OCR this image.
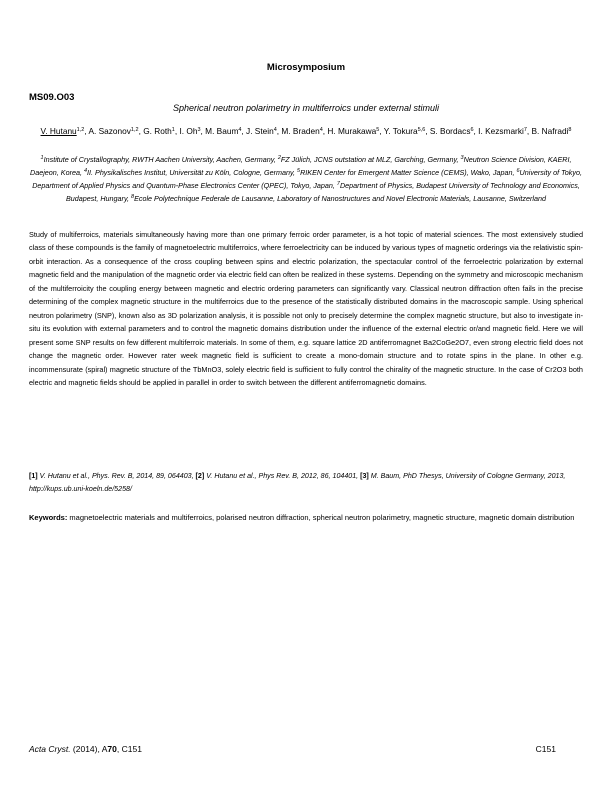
Microsymposium
MS09.O03
Spherical neutron polarimetry in multiferroics under external stimuli
V. Hutanu$^{1,2}$, A. Sazonov$^{1,2}$, G. Roth$^1$, I. Oh$^3$, M. Baum$^4$, J. Stein$^4$, M. Braden$^4$, H. Murakawa$^5$, Y. Tokura$^{5,6}$, S. Bordacs$^6$, I. Kezsmarki$^7$, B. Nafradi$^8$
$^1$Institute of Crystallography, RWTH Aachen University, Aachen, Germany, $^2$FZ Jülich, JCNS outstation at MLZ, Garching, Germany, $^3$Neutron Science Division, KAERI, Daejeon, Korea, $^4$II. Physikalisches Institut, Universität zu Köln, Cologne, Germany, $^5$RIKEN Center for Emergent Matter Science (CEMS), Wako, Japan, $^6$University of Tokyo, Department of Applied Physics and Quantum-Phase Electronics Center (QPEC), Tokyo, Japan, $^7$Department of Physics, Budapest University of Technology and Economics, Budapest, Hungary, $^8$Ecole Polytechnique Federale de Lausanne, Laboratory of Nanostructures and Novel Electronic Materials, Lausanne, Switzerland

Study of multiferroics, materials simultaneously having more than one primary ferroic order parameter, is a hot topic of material sciences. The most extensively studied class of these compounds is the family of magnetoelectric multiferroics, where ferroelectricity can be induced by various types of magnetic orderings via the relativistic spin-orbit interaction. As a consequence of the cross coupling between spins and electric polarization, the spectacular control of the ferroelectric polarization by external magnetic field and the manipulation of the magnetic order via electric field can often be realized in these systems. Depending on the symmetry and microscopic mechanism of the multiferroicity the coupling energy between magnetic and electric ordering parameters can significantly vary. Classical neutron diffraction often fails in the precise determining of the complex magnetic structure in the multiferroics due to the presence of the statistically distributed domains in the macroscopic sample. Using spherical neutron polarimetry (SNP), known also as 3D polarization analysis, it is possible not only to precisely determine the complex magnetic structure, but also to investigate in-situ its evolution with external parameters and to control the magnetic domains distribution under the influence of the external electric or/and magnetic field. Here we will present some SNP results on few different multiferroic materials. In some of them, e.g. square lattice 2D antiferromagnet Ba2CoGe2O7, even strong electric field does not change the magnetic order. However rater week magnetic field is sufficient to create a mono-domain structure and to rotate spins in the plane. In other e.g. incommensurate (spiral) magnetic structure of the TbMnO3, solely electric field is sufficient to fully control the chirality of the magnetic structure. In the case of Cr2O3 both electric and magnetic fields should be applied in parallel in order to switch between the different antiferromagnetic domains.

[1] V. Hutanu et al., Phys. Rev. B, 2014, 89, 064403, [2] V. Hutanu et al., Phys Rev. B, 2012, 86, 104401, [3] M. Baum, PhD Thesys, University of Cologne Germany, 2013, http://kups.ub.uni-koeln.de/5258/
Keywords: magnetoelectric materials and multiferroics, polarised neutron diffraction, spherical neutron polarimetry, magnetic structure, magnetic domain distribution
Acta Cryst. (2014), A70, C151	C151
